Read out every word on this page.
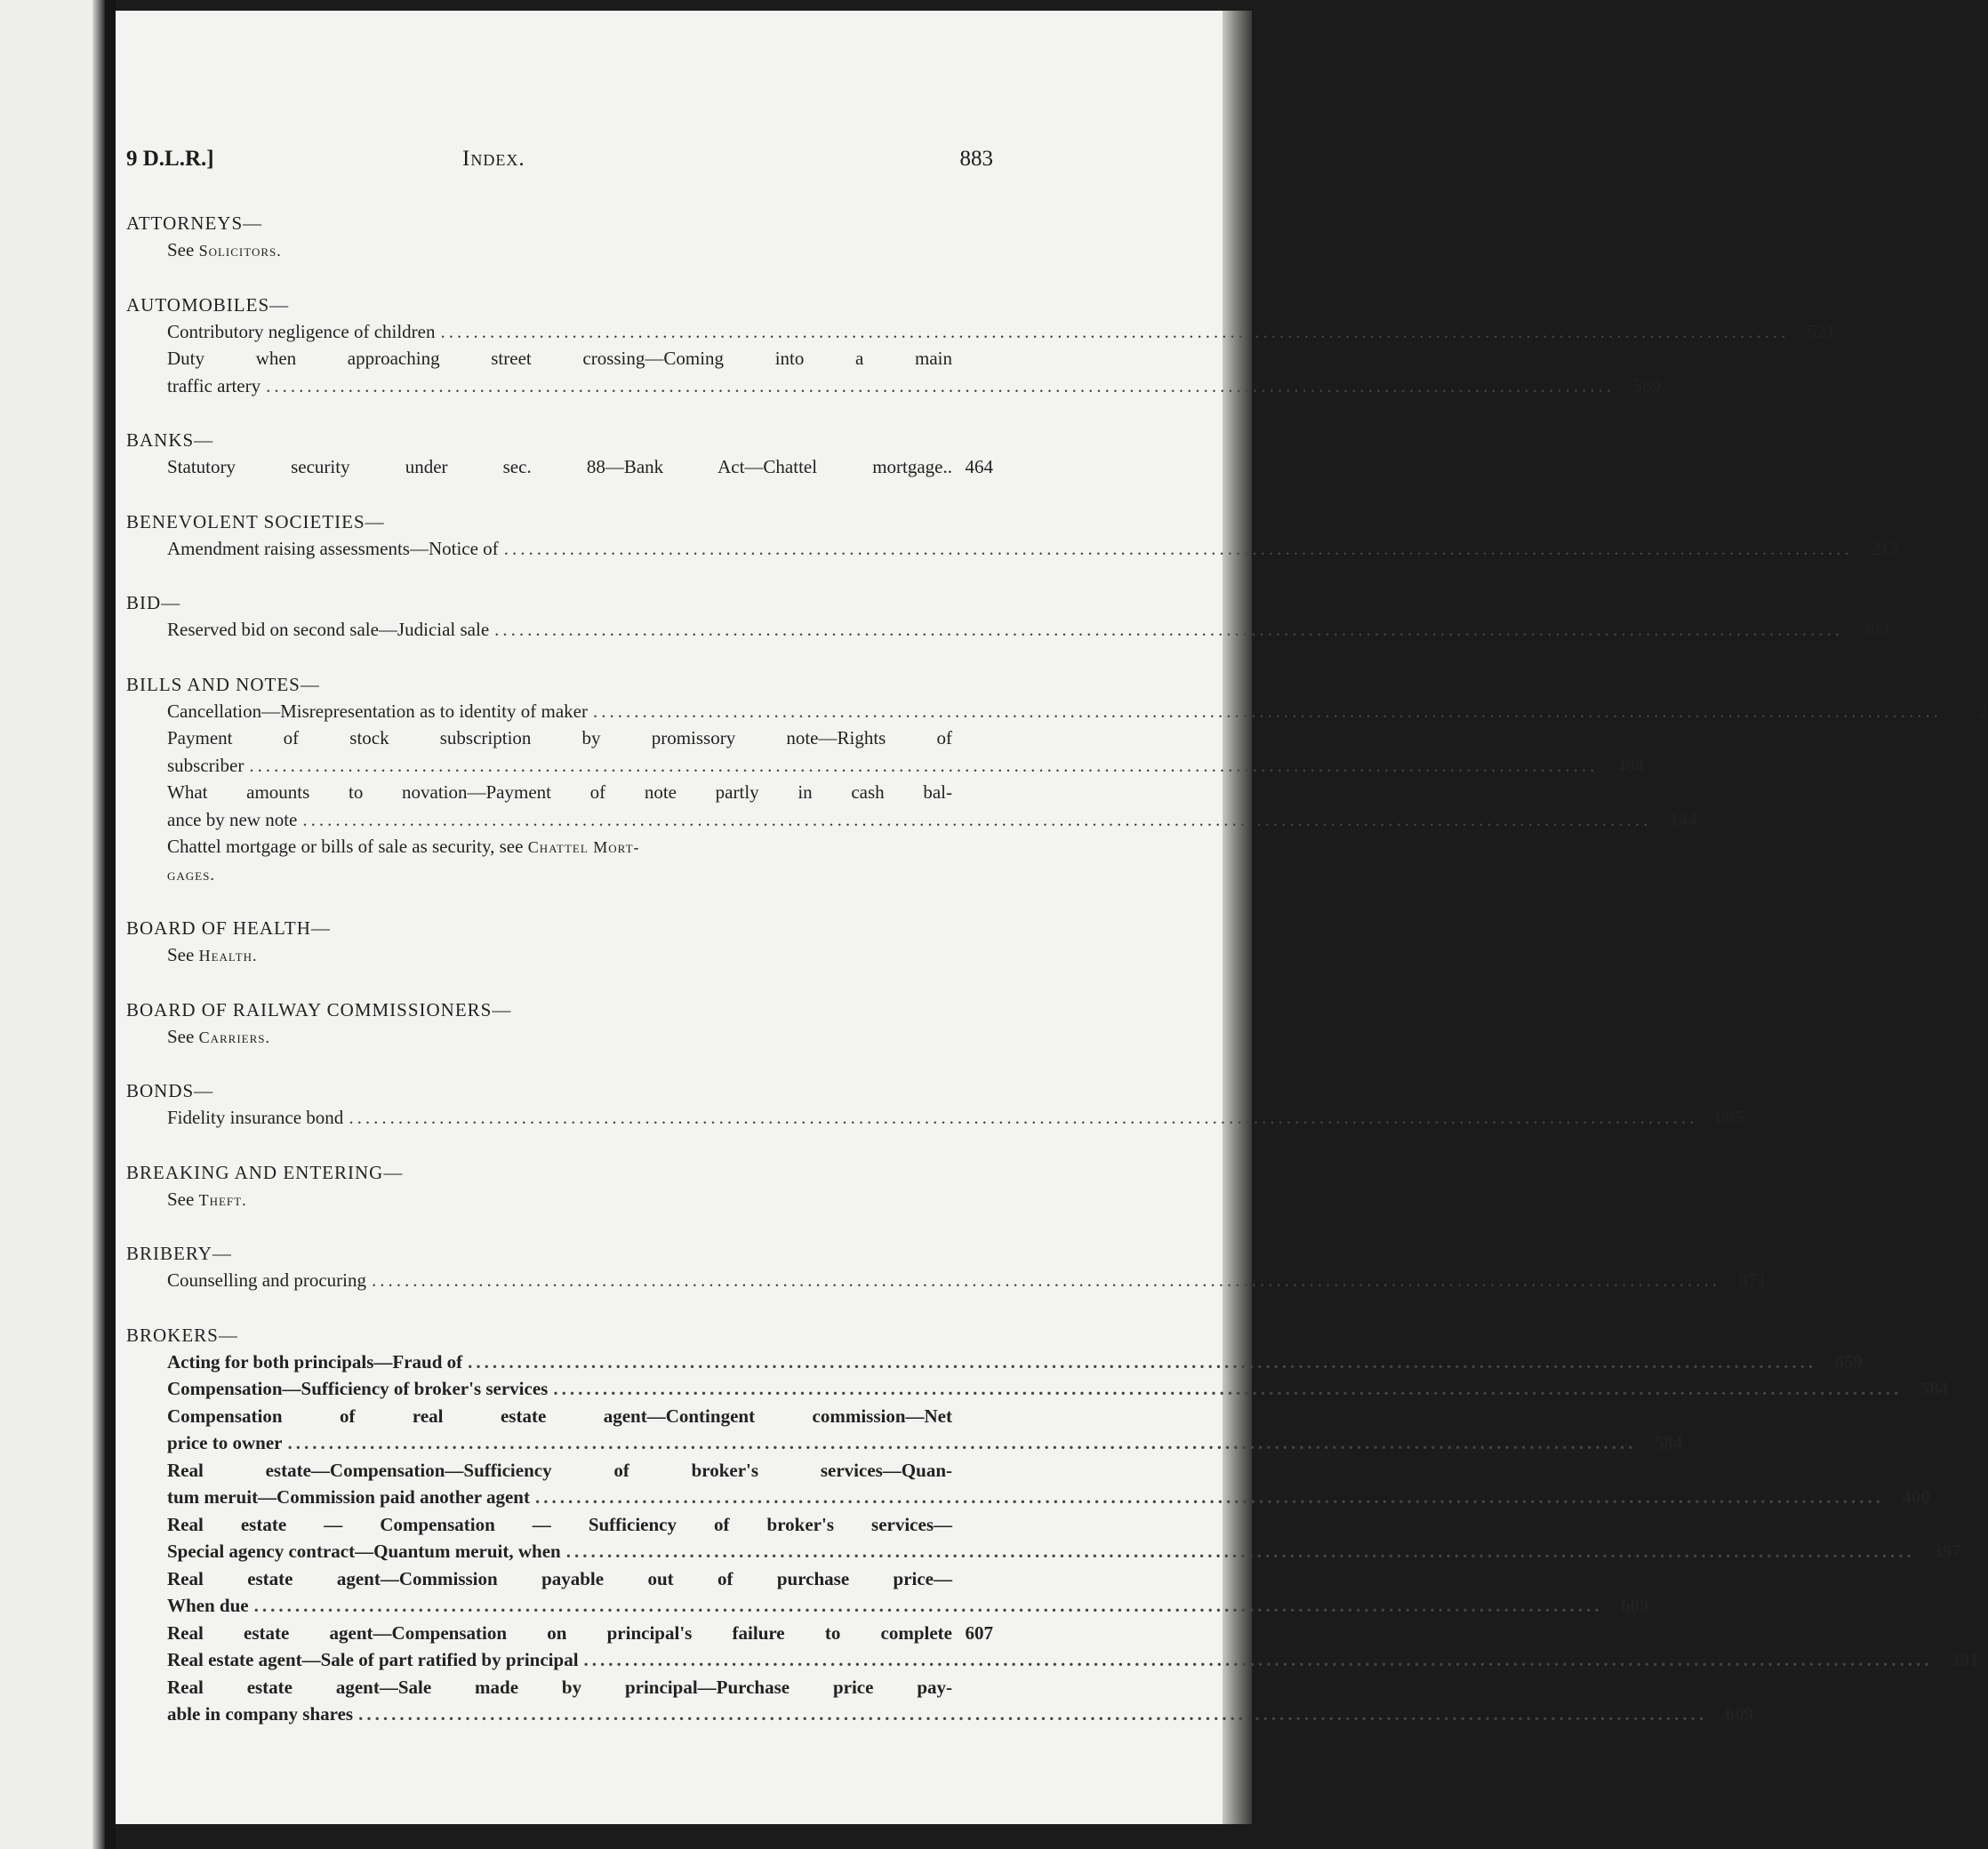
9 D.L.R.]	Index.	883
ATTORNEYS—
See Solicitors.
AUTOMOBILES—
Contributory negligence of children .................................................................................................................................................................... 521
Duty when approaching street crossing—Coming into a main
traffic artery .................................................................................................................................................................... 569
BANKS—
Statutory security under sec. 88—Bank Act—Chattel mortgage.. 464
BENEVOLENT SOCIETIES—
Amendment raising assessments—Notice of .................................................................................................................................................................... 213
BID—
Reserved bid on second sale—Judicial sale .................................................................................................................................................................... 383
BILLS AND NOTES—
Cancellation—Misrepresentation as to identity of maker ....................................................................................................................................................................	2
Payment of stock subscription by promissory note—Rights of
subscriber .................................................................................................................................................................... 484
What amounts to novation—Payment of note partly in cash bal-
ance by new note .................................................................................................................................................................... 144
Chattel mortgage or bills of sale as security, see Chattel Mort-
gages.
BOARD OF HEALTH—
See Health.
BOARD OF RAILWAY COMMISSIONERS—
See Carriers.
BONDS—
Fidelity insurance bond .................................................................................................................................................................... 685
BREAKING AND ENTERING—
See Theft.
BRIBERY—
Counselling and procuring .................................................................................................................................................................... 871
BROKERS—
Acting for both principals—Fraud of .................................................................................................................................................................... 659
Compensation—Sufficiency of broker's services .................................................................................................................................................................... 584
Compensation of real estate agent—Contingent commission—Net
price to owner .................................................................................................................................................................... 584
Real estate—Compensation—Sufficiency of broker's services—Quan-
tum meruit—Commission paid another agent .................................................................................................................................................................... 400
Real estate — Compensation — Sufficiency of broker's services—
Special agency contract—Quantum meruit, when .................................................................................................................................................................... 397
Real estate agent—Commission payable out of purchase price—
When due .................................................................................................................................................................... 609
Real estate agent—Compensation on principal's failure to complete 607
Real estate agent—Sale of part ratified by principal .................................................................................................................................................................... 381
Real estate agent—Sale made by principal—Purchase price pay-
able in company shares .................................................................................................................................................................... 609
